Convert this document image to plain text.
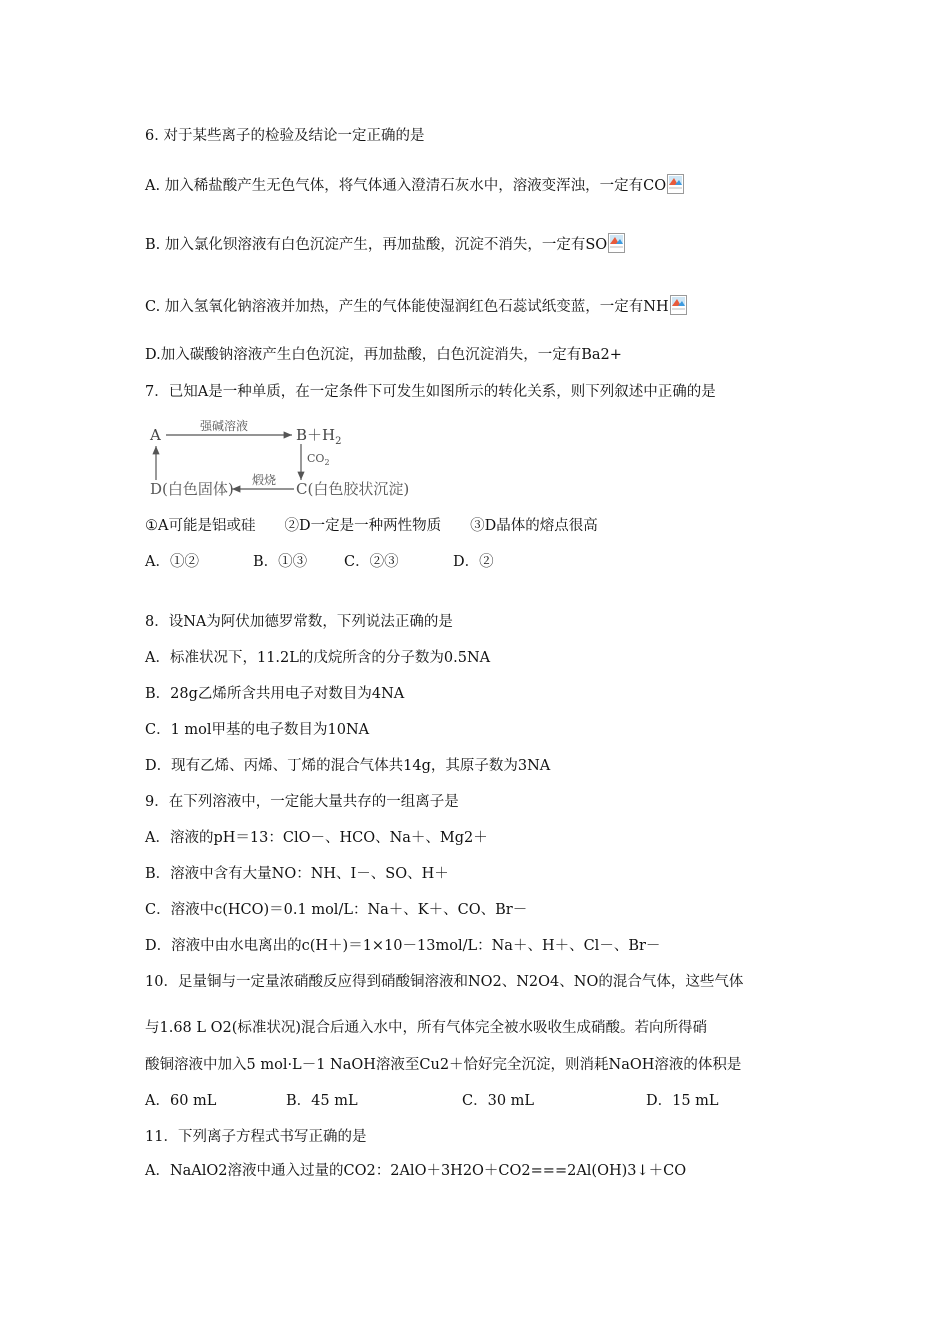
6. 对于某些离子的检验及结论一定正确的是
A. 加入稀盐酸产生无色气体，将气体通入澄清石灰水中，溶液变浑浊，一定有CO
B. 加入氯化钡溶液有白色沉淀产生，再加盐酸，沉淀不消失，一定有SO
C. 加入氢氧化钠溶液并加热，产生的气体能使湿润红色石蕊试纸变蓝，一定有NH
D.加入碳酸钠溶液产生白色沉淀，再加盐酸，白色沉淀消失，一定有Ba2+
7．已知A是一种单质，在一定条件下可发生如图所示的转化关系，则下列叙述中正确的是
A	强碱溶液	$B+H_2$
$CO_2$
C(白色胶状沉淀)
煅烧
D(白色固体)
①A可能是铝或硅　　②D一定是一种两性物质　　③D晶体的熔点很高
A．①②	B．①③	C．②③	D．②
8．设NA为阿伏加德罗常数，下列说法正确的是
A．标准状况下，11.2L的戊烷所含的分子数为0.5NA
B．28g乙烯所含共用电子对数目为4NA
C．1 mol甲基的电子数目为10NA
D．现有乙烯、丙烯、丁烯的混合气体共14g，其原子数为3NA
9．在下列溶液中，一定能大量共存的一组离子是
A．溶液的pH＝13：ClO－、HCO、Na＋、Mg2＋
B．溶液中含有大量NO：NH、I－、SO、H＋
C．溶液中c(HCO)＝0.1 mol/L：Na＋、K＋、CO、Br－
D．溶液中由水电离出的c(H＋)＝1×10－13mol/L：Na＋、H＋、Cl－、Br－
10．足量铜与一定量浓硝酸反应得到硝酸铜溶液和NO2、N2O4、NO的混合气体，这些气体
与1.68 L O2(标准状况)混合后通入水中，所有气体完全被水吸收生成硝酸。若向所得硝
酸铜溶液中加入5 mol·L－1 NaOH溶液至Cu2＋恰好完全沉淀，则消耗NaOH溶液的体积是
A．60 mL	B．45 mL	C．30 mL	D．15 mL
11．下列离子方程式书写正确的是
A．NaAlO2溶液中通入过量的CO2：2AlO＋3H2O＋CO2===2Al(OH)3↓＋CO
